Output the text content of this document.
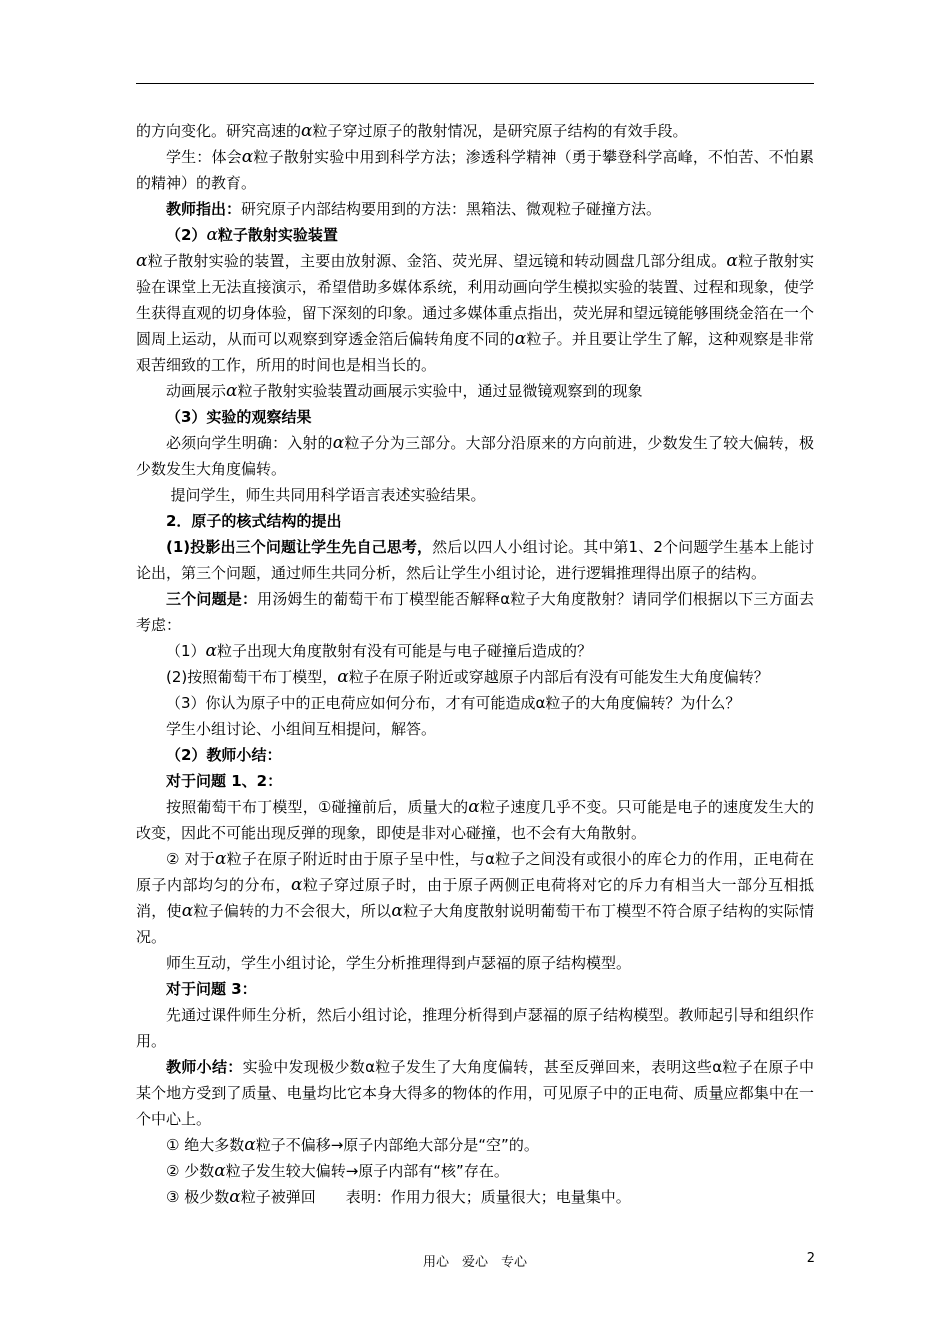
的方向变化。研究高速的α粒子穿过原子的散射情况，是研究原子结构的有效手段。

学生：体会α粒子散射实验中用到科学方法；渗透科学精神（勇于攀登科学高峰，不怕苦、不怕累的精神）的教育。

教师指出：研究原子内部结构要用到的方法：黑箱法、微观粒子碰撞方法。

（2）α粒子散射实验装置

α粒子散射实验的装置，主要由放射源、金箔、荧光屏、望远镜和转动圆盘几部分组成。α粒子散射实验在课堂上无法直接演示，希望借助多媒体系统，利用动画向学生模拟实验的装置、过程和现象，使学生获得直观的切身体验，留下深刻的印象。通过多媒体重点指出，荧光屏和望远镜能够围绕金箔在一个圆周上运动，从而可以观察到穿透金箔后偏转角度不同的α粒子。并且要让学生了解，这种观察是非常艰苦细致的工作，所用的时间也是相当长的。

动画展示α粒子散射实验装置动画展示实验中，通过显微镜观察到的现象

（3）实验的观察结果

必须向学生明确：入射的α粒子分为三部分。大部分沿原来的方向前进，少数发生了较大偏转，极少数发生大角度偏转。

提问学生，师生共同用科学语言表述实验结果。

2．原子的核式结构的提出

(1)投影出三个问题让学生先自己思考，然后以四人小组讨论。其中第1、2个问题学生基本上能讨论出，第三个问题，通过师生共同分析，然后让学生小组讨论，进行逻辑推理得出原子的结构。

三个问题是：用汤姆生的葡萄干布丁模型能否解释α粒子大角度散射？请同学们根据以下三方面去考虑：

（1）α粒子出现大角度散射有没有可能是与电子碰撞后造成的？

(2)按照葡萄干布丁模型，α粒子在原子附近或穿越原子内部后有没有可能发生大角度偏转？

（3）你认为原子中的正电荷应如何分布，才有可能造成α粒子的大角度偏转？为什么？

学生小组讨论、小组间互相提问，解答。

（2）教师小结：

对于问题 1、2：

按照葡萄干布丁模型，①碰撞前后，质量大的α粒子速度几乎不变。只可能是电子的速度发生大的改变，因此不可能出现反弹的现象，即使是非对心碰撞，也不会有大角散射。

② 对于α粒子在原子附近时由于原子呈中性，与α粒子之间没有或很小的库仑力的作用，正电荷在原子内部均匀的分布，α粒子穿过原子时，由于原子两侧正电荷将对它的斥力有相当大一部分互相抵消，使α粒子偏转的力不会很大，所以α粒子大角度散射说明葡萄干布丁模型不符合原子结构的实际情况。

师生互动，学生小组讨论，学生分析推理得到卢瑟福的原子结构模型。

对于问题 3：

先通过课件师生分析，然后小组讨论，推理分析得到卢瑟福的原子结构模型。教师起引导和组织作用。

教师小结：实验中发现极少数α粒子发生了大角度偏转，甚至反弹回来，表明这些α粒子在原子中某个地方受到了质量、电量均比它本身大得多的物体的作用，可见原子中的正电荷、质量应都集中在一个中心上。

① 绝大多数α粒子不偏移→原子内部绝大部分是“空”的。

② 少数α粒子发生较大偏转→原子内部有“核”存在。

③ 极少数α粒子被弹回　　表明：作用力很大；质量很大；电量集中。

用心　爱心　专心	2
